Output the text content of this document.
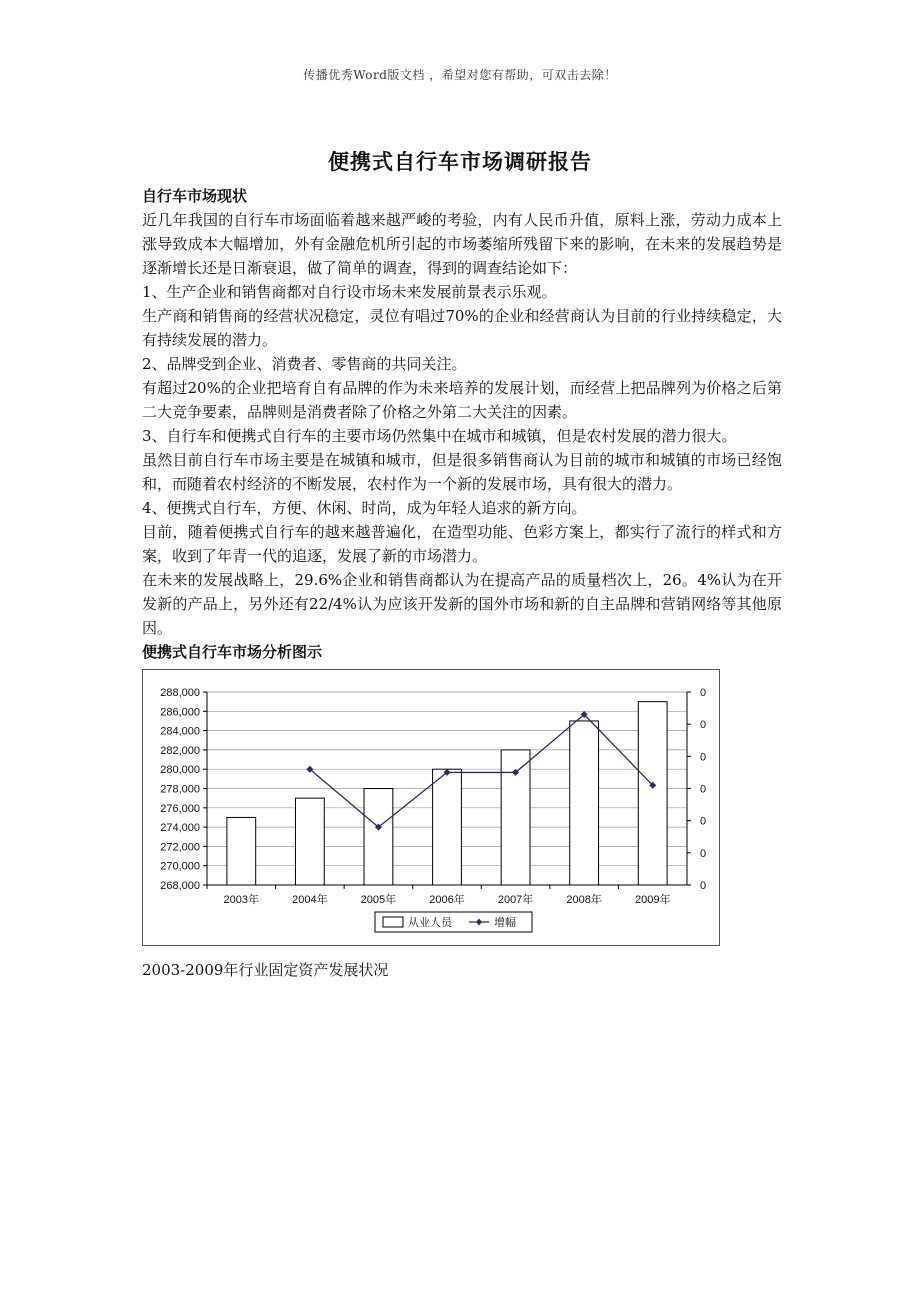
传播优秀Word版文档 ，希望对您有帮助，可双击去除！
便携式自行车市场调研报告

自行车市场现状

近几年我国的自行车市场面临着越来越严峻的考验，内有人民币升值，原料上涨，劳动力成本上涨导致成本大幅增加，外有金融危机所引起的市场萎缩所残留下来的影响，在未来的发展趋势是逐渐增长还是日渐衰退，做了简单的调查，得到的调查结论如下：

1、生产企业和销售商都对自行设市场未来发展前景表示乐观。

生产商和销售商的经营状况稳定，灵位有唱过70%的企业和经营商认为目前的行业持续稳定，大有持续发展的潜力。

2、品牌受到企业、消费者、零售商的共同关注。

有超过20%的企业把培育自有品牌的作为未来培养的发展计划，而经营上把品牌列为价格之后第二大竞争要素，品牌则是消费者除了价格之外第二大关注的因素。

3、自行车和便携式自行车的主要市场仍然集中在城市和城镇，但是农村发展的潜力很大。

虽然目前自行车市场主要是在城镇和城市，但是很多销售商认为目前的城市和城镇的市场已经饱和，而随着农村经济的不断发展，农村作为一个新的发展市场，具有很大的潜力。

4、便携式自行车，方便、休闲、时尚，成为年轻人追求的新方向。

目前，随着便携式自行车的越来越普遍化，在造型功能、色彩方案上，都实行了流行的样式和方案，收到了年青一代的追逐，发展了新的市场潜力。

在未来的发展战略上，29.6%企业和销售商都认为在提高产品的质量档次上，26。4%认为在开发新的产品上，另外还有22/4%认为应该开发新的国外市场和新的自主品牌和营销网络等其他原因。

便携式自行车市场分析图示

268,000
270,000
272,000
274,000
276,000
278,000
280,000
282,000
284,000
286,000
288,000
0
0
0
0
0
0
0
2003年	2004年	2005年	2006年	2007年	2008年	2009年
从业人员	增幅
2003-2009年行业固定资产发展状况
